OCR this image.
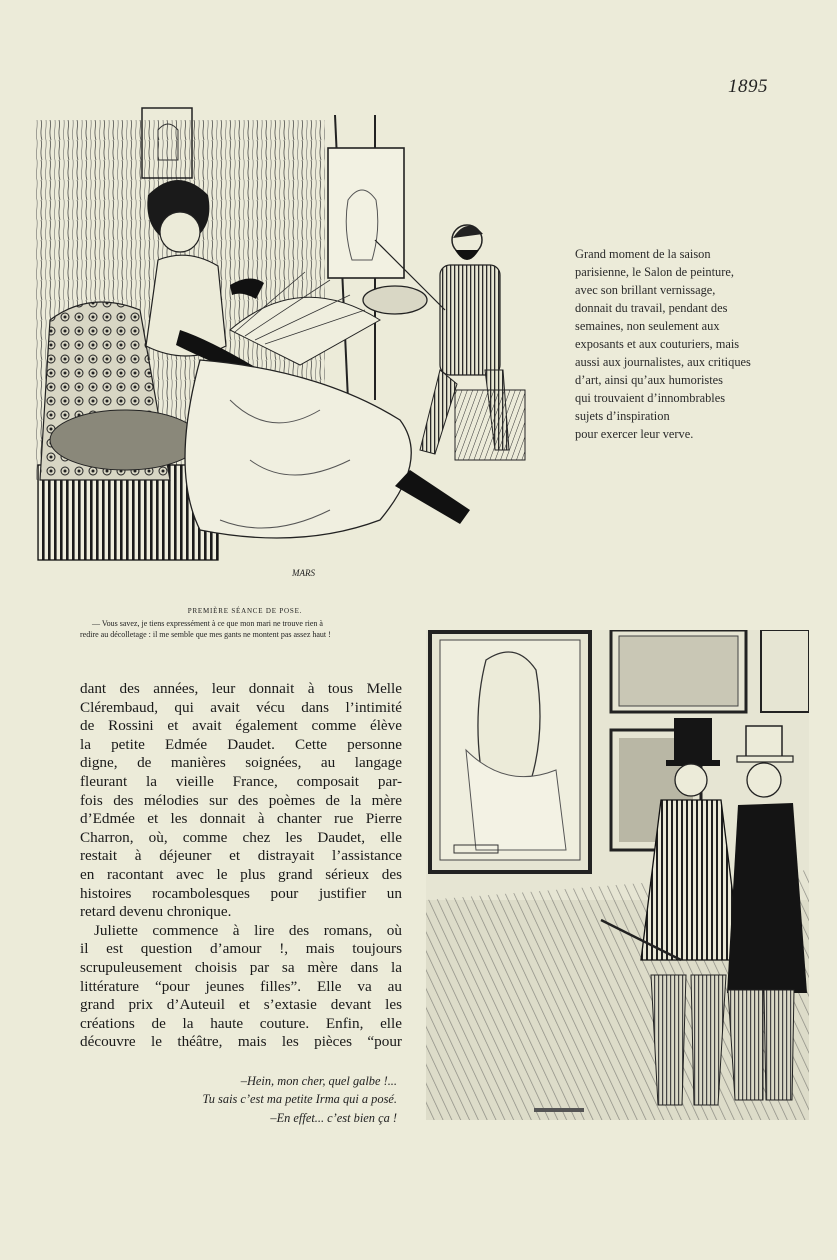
1895
MARS
PREMIÈRE SÉANCE DE POSE.
— Vous savez, je tiens expressément à ce que mon mari ne trouve rien à
redire au décolletage : il me semble que mes gants ne montent pas assez haut !
Grand moment de la saison
parisienne, le Salon de peinture,
avec son brillant vernissage,
donnait du travail, pendant des
semaines, non seulement aux
exposants et aux couturiers, mais
aussi aux journalistes, aux critiques
d’art, ainsi qu’aux humoristes
qui trouvaient d’innombrables
sujets d’inspiration
pour exercer leur verve.
dant des années, leur donnait à tous Melle
Clérembaud, qui avait vécu dans l’intimité
de Rossini et avait également comme élève
la petite Edmée Daudet. Cette personne
digne, de manières soignées, au langage
fleurant la vieille France, composait par-
fois des mélodies sur des poèmes de la mère
d’Edmée et les donnait à chanter rue Pierre
Charron, où, comme chez les Daudet, elle
restait à déjeuner et distrayait l’assistance
en racontant avec le plus grand sérieux des
histoires rocambolesques pour justifier un
retard devenu chronique.
Juliette commence à lire des romans, où
il est question d’amour !, mais toujours
scrupuleusement choisis par sa mère dans la
littérature “pour jeunes filles”. Elle va au
grand prix d’Auteuil et s’extasie devant les
créations de la haute couture. Enfin, elle
découvre le théâtre, mais les pièces “pour
–Hein, mon cher, quel galbe !...
Tu sais c’est ma petite Irma qui a posé.
–En effet... c’est bien ça !
